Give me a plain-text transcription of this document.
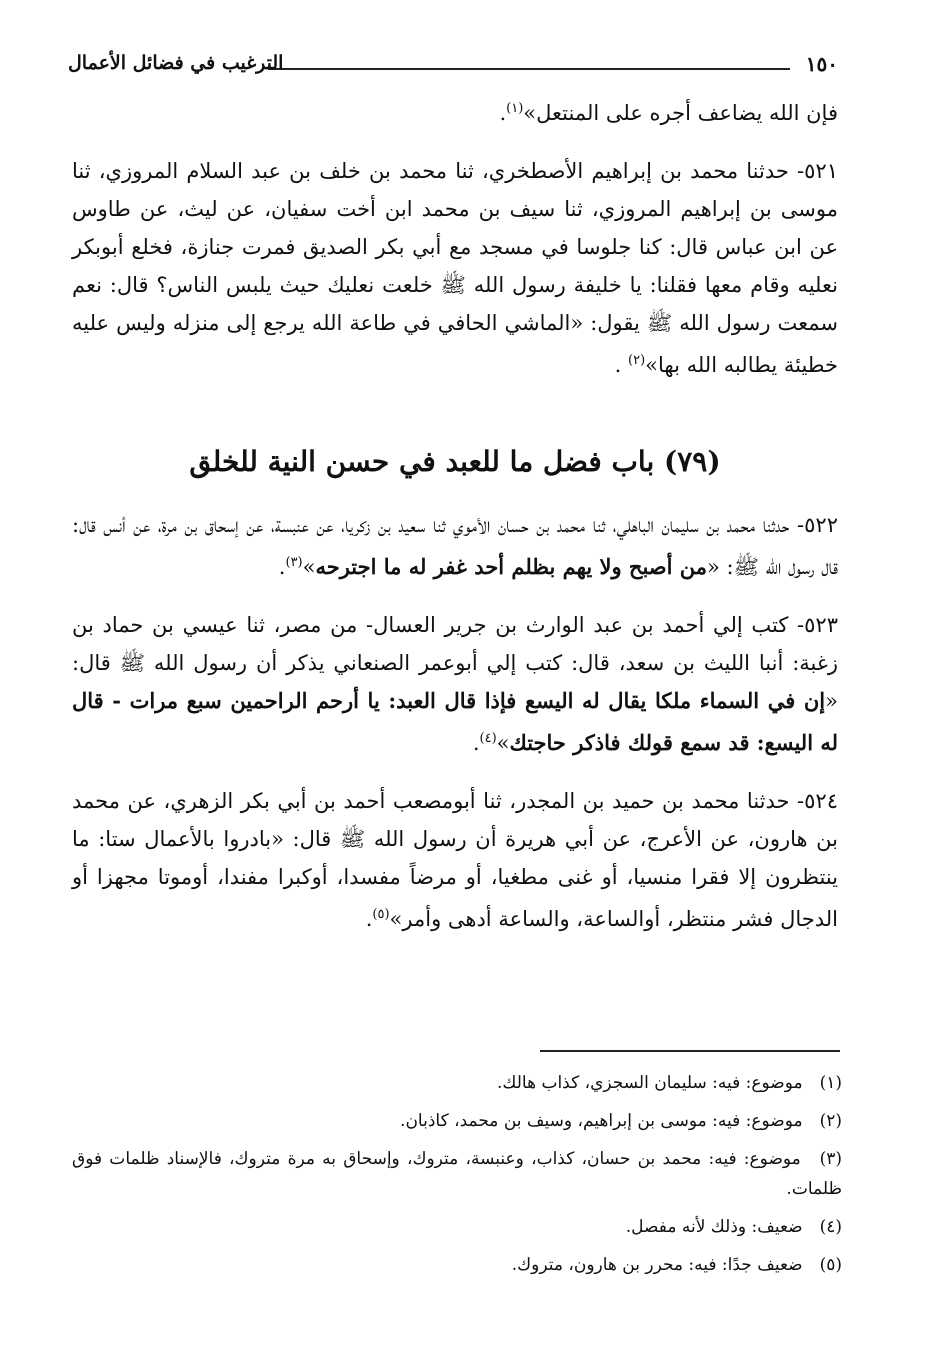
١٥٠
الترغيب في فضائل الأعمال

فإن الله يضاعف أجره على المنتعل»$^{(١)}$.

٥٢١- حدثنا محمد بن إبراهيم الأصطخري، ثنا محمد بن خلف بن عبد السلام المروزي، ثنا موسى بن إبراهيم المروزي، ثنا سيف بن محمد ابن أخت سفيان، عن ليث، عن طاوس عن ابن عباس قال: كنا جلوسا في مسجد مع أبي بكر الصديق فمرت جنازة، فخلع أبوبكر نعليه وقام معها فقلنا: يا خليفة رسول الله ﷺ خلعت نعليك حيث يلبس الناس؟ قال: نعم سمعت رسول الله ﷺ يقول: «الماشي الحافي في طاعة الله يرجع إلى منزله وليس عليه خطيئة يطالبه الله بها»$^{(٢)}$ .

(٧٩) باب فضل ما للعبد في حسن النية للخلق

٥٢٢- حدثنا محمد بن سليمان الباهلي، ثنا محمد بن حسان الأموي ثنا سعيد بن زكريا، عن عنبسة، عن إسحاق بن مرة، عن أنس قال: قال رسول الله ﷺ: «من أصبح ولا يهم بظلم أحد غفر له ما اجترحه»$^{(٣)}$.

٥٢٣- كتب إلي أحمد بن عبد الوارث بن جرير العسال- من مصر، ثنا عيسي بن حماد بن زغبة: أنبا الليث بن سعد، قال: كتب إلي أبوعمر الصنعاني يذكر أن رسول الله ﷺ قال: «إن في السماء ملكا يقال له اليسع فإذا قال العبد: يا أرحم الراحمين سبع مرات - قال له اليسع: قد سمع قولك فاذكر حاجتك»$^{(٤)}$.

٥٢٤- حدثنا محمد بن حميد بن المجدر، ثنا أبومصعب أحمد بن أبي بكر الزهري، عن محمد بن هارون، عن الأعرج، عن أبي هريرة أن رسول الله ﷺ قال: «بادروا بالأعمال ستا: ما ينتظرون إلا فقرا منسيا، أو غنى مطغيا، أو مرضاً مفسدا، أوكبرا مفندا، أوموتا مجهزا أو الدجال فشر منتظر، أوالساعة، والساعة أدهى وأمر»$^{(٥)}$.

(١) موضوع: فيه: سليمان السجزي، كذاب هالك.

(٢) موضوع: فيه: موسى بن إبراهيم، وسيف بن محمد، كاذبان.

(٣) موضوع: فيه: محمد بن حسان، كذاب، وعنبسة، متروك، وإسحاق به مرة متروك، فالإسناد ظلمات فوق ظلمات.

(٤) ضعيف: وذلك لأنه مفصل.

(٥) ضعيف جدًا: فيه: محرر بن هارون، متروك.
